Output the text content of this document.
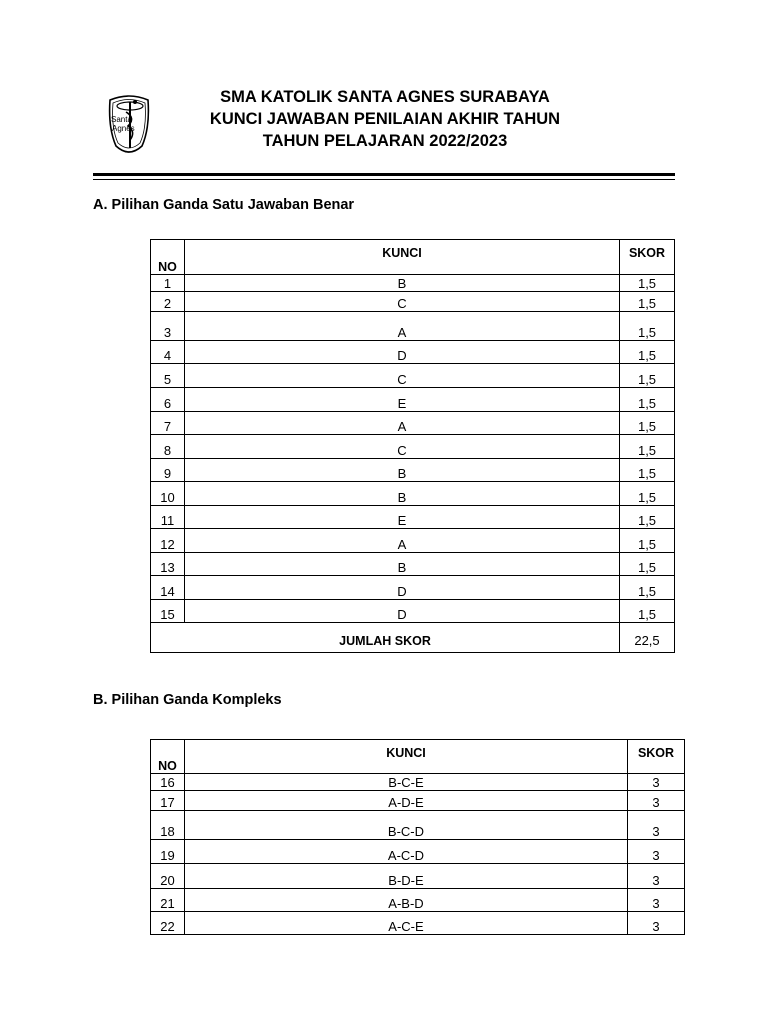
Santa
Agnes
SMA KATOLIK SANTA AGNES SURABAYA
KUNCI JAWABAN PENILAIAN AKHIR TAHUN
TAHUN PELAJARAN 2022/2023
A. Pilihan Ganda Satu Jawaban Benar
NO	KUNCI	SKOR
1	B	1,5
2	C	1,5
3	A	1,5
4	D	1,5
5	C	1,5
6	E	1,5
7	A	1,5
8	C	1,5
9	B	1,5
10	B	1,5
11	E	1,5
12	A	1,5
13	B	1,5
14	D	1,5
15	D	1,5
JUMLAH SKOR		22,5
B. Pilihan Ganda Kompleks
NO	KUNCI	SKOR
16	B-C-E	3
17	A-D-E	3
18	B-C-D	3
19	A-C-D	3
20	B-D-E	3
21	A-B-D	3
22	A-C-E	3
